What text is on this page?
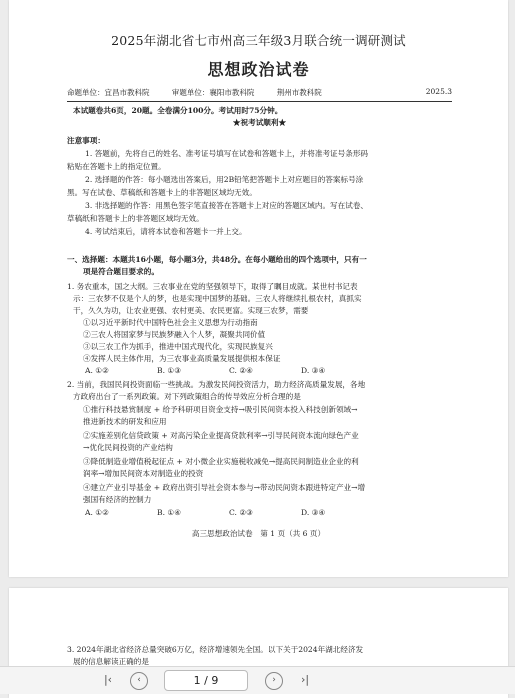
2025年湖北省七市州高三年级3月联合统一调研测试
思想政治试卷
命题单位：宜昌市教科院	审题单位：襄阳市教科院	荆州市教科院	2025.3
本试题卷共6页，20题。全卷满分100分。考试用时75分钟。
★祝考试顺利★
注意事项：
1. 答题前，先将自己的姓名、准考证号填写在试卷和答题卡上，并将准考证号条形码
粘贴在答题卡上的指定位置。
2. 选择题的作答：每小题选出答案后，用2B铅笔把答题卡上对应题目的答案标号涂
黑。写在试卷、草稿纸和答题卡上的非答题区域均无效。
3. 非选择题的作答：用黑色签字笔直接答在答题卡上对应的答题区域内。写在试卷、
草稿纸和答题卡上的非答题区域均无效。
4. 考试结束后，请将本试卷和答题卡一并上交。
一、选择题：本题共16小题，每小题3分，共48分。在每小题给出的四个选项中，只有一
项是符合题目要求的。
1. 务农重本，国之大纲。三农事业在党的坚强领导下，取得了瞩目成就。某世村书记表
示：三农梦不仅是个人的梦，也是实现中国梦的基础。三农人将继续扎根农村，真抓实
干，久久为功，让农业更强、农村更美、农民更富。实现三农梦，需要
①以习近平新时代中国特色社会主义思想为行动指南
②三农人将国家梦与民族梦融入个人梦，凝聚共同价值
③以三农工作为抓手，推进中国式现代化，实现民族复兴
④发挥人民主体作用，为三农事业高质量发展提供根本保证
A. ①②	B. ①③	C. ②④	D. ③④
2. 当前，我国民间投资面临一些挑战。为激发民间投资活力，助力经济高质量发展，各地
方政府出台了一系列政策。对下列政策组合的传导效应分析合理的是
①推行科技悬赏制度 + 给予科研项目资金支持→吸引民间资本投入科技创新领域→
推进新技术的研发和应用
②实施差别化信贷政策 + 对高污染企业提高贷款利率→引导民间资本流向绿色产业
→优化民间投资的产业结构
③降低制造业增值税起征点 + 对小微企业实施税收减免→提高民间制造业企业的利
润率→增加民间资本对制造业的投资
④建立产业引导基金 + 政府出资引导社会资本参与→带动民间资本跟进特定产业→增
强国有经济的控制力
A. ①②	B. ①④	C. ②③	D. ③④
高三思想政治试卷　第 1 页（共 6 页）
3. 2024年湖北省经济总量突破6万亿，经济增速领先全国。以下关于2024年湖北经济发
展的信息解读正确的是
|‹	‹	1 / 9	›	›|
